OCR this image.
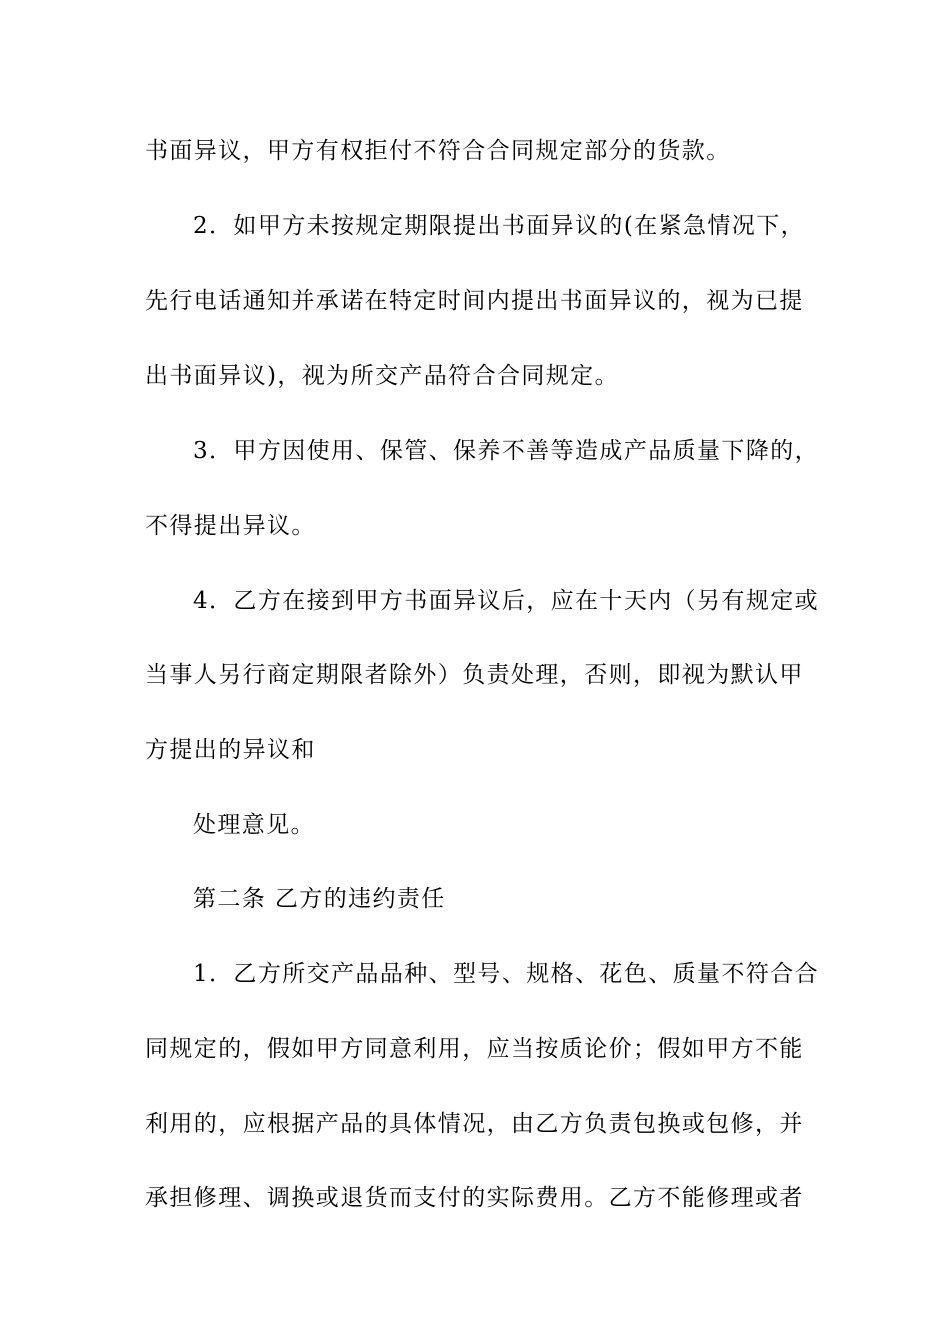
书面异议，甲方有权拒付不符合合同规定部分的货款。
2．如甲方未按规定期限提出书面异议的(在紧急情况下，
先行电话通知并承诺在特定时间内提出书面异议的，视为已提
出书面异议)，视为所交产品符合合同规定。
3．甲方因使用、保管、保养不善等造成产品质量下降的，
不得提出异议。
4．乙方在接到甲方书面异议后，应在十天内（另有规定或
当事人另行商定期限者除外）负责处理，否则，即视为默认甲
方提出的异议和
处理意见。
第二条 乙方的违约责任
1．乙方所交产品品种、型号、规格、花色、质量不符合合
同规定的，假如甲方同意利用，应当按质论价；假如甲方不能
利用的，应根据产品的具体情况，由乙方负责包换或包修，并
承担修理、调换或退货而支付的实际费用。乙方不能修理或者
